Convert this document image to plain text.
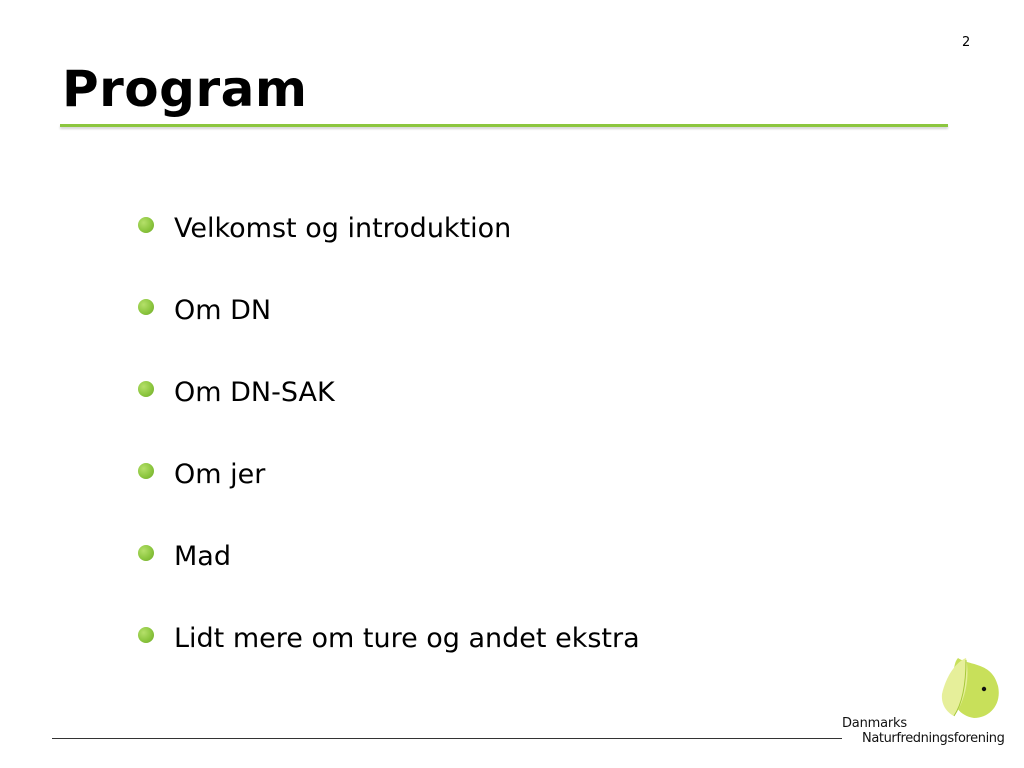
2
Program
Velkomst og introduktion
Om DN
Om DN-SAK
Om jer
Mad
Lidt mere om ture og andet ekstra
Danmarks
Naturfredningsforening
